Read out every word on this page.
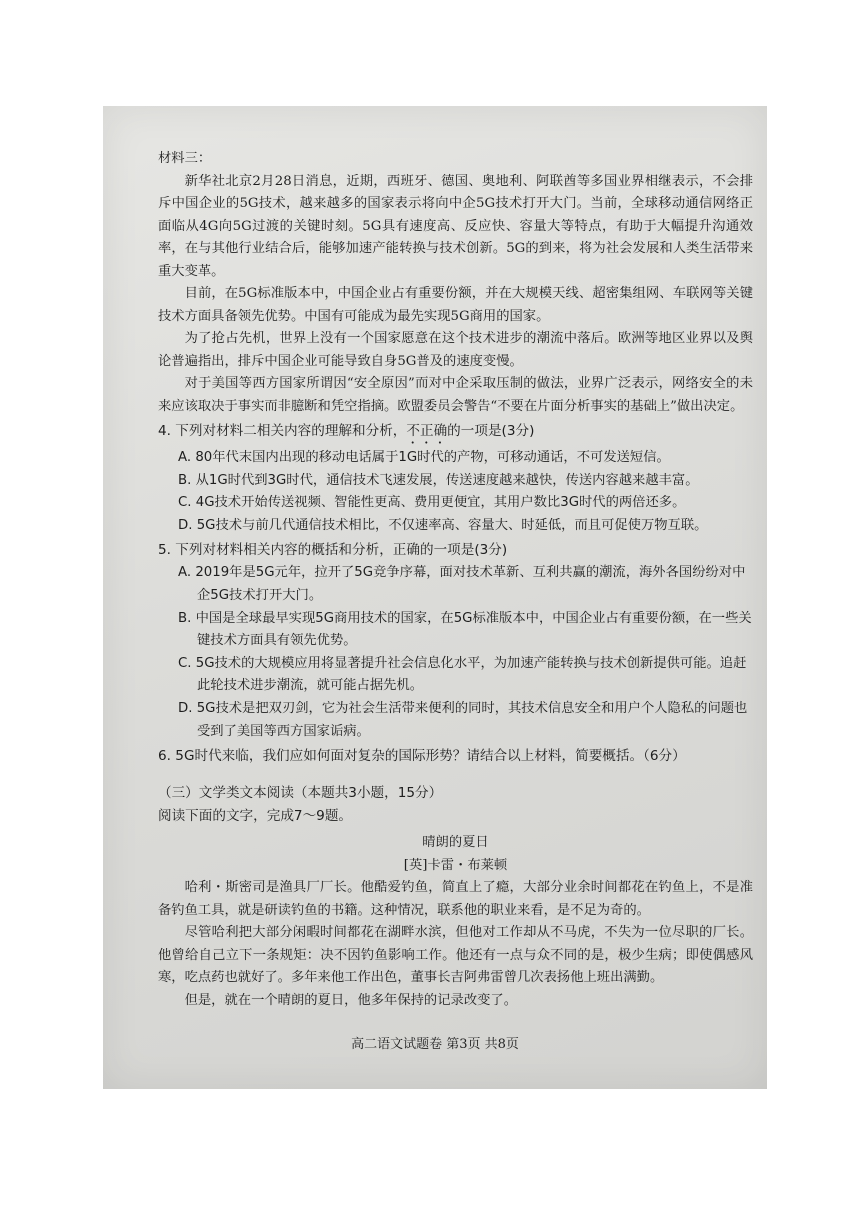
材料三：

新华社北京2月28日消息，近期，西班牙、德国、奥地利、阿联酋等多国业界相继表示，不会排斥中国企业的5G技术，越来越多的国家表示将向中企5G技术打开大门。当前，全球移动通信网络正面临从4G向5G过渡的关键时刻。5G具有速度高、反应快、容量大等特点，有助于大幅提升沟通效率，在与其他行业结合后，能够加速产能转换与技术创新。5G的到来，将为社会发展和人类生活带来重大变革。

目前，在5G标准版本中，中国企业占有重要份额，并在大规模天线、超密集组网、车联网等关键技术方面具备领先优势。中国有可能成为最先实现5G商用的国家。

为了抢占先机，世界上没有一个国家愿意在这个技术进步的潮流中落后。欧洲等地区业界以及舆论普遍指出，排斥中国企业可能导致自身5G普及的速度变慢。

对于美国等西方国家所谓因“安全原因”而对中企采取压制的做法，业界广泛表示，网络安全的未来应该取决于事实而非臆断和凭空指摘。欧盟委员会警告“不要在片面分析事实的基础上”做出决定。

4. 下列对材料二相关内容的理解和分析，不正确的一项是(3分)
A. 80年代末国内出现的移动电话属于1G时代的产物，可移动通话，不可发送短信。
B. 从1G时代到3G时代，通信技术飞速发展，传送速度越来越快，传送内容越来越丰富。
C. 4G技术开始传送视频、智能性更高、费用更便宜，其用户数比3G时代的两倍还多。
D. 5G技术与前几代通信技术相比，不仅速率高、容量大、时延低，而且可促使万物互联。
5. 下列对材料相关内容的概括和分析，正确的一项是(3分)
A. 2019年是5G元年，拉开了5G竞争序幕，面对技术革新、互利共赢的潮流，海外各国纷纷对中企5G技术打开大门。
B. 中国是全球最早实现5G商用技术的国家，在5G标准版本中，中国企业占有重要份额，在一些关键技术方面具有领先优势。
C. 5G技术的大规模应用将显著提升社会信息化水平，为加速产能转换与技术创新提供可能。追赶此轮技术进步潮流，就可能占据先机。
D. 5G技术是把双刃剑，它为社会生活带来便利的同时，其技术信息安全和用户个人隐私的问题也受到了美国等西方国家诟病。
6. 5G时代来临，我们应如何面对复杂的国际形势？请结合以上材料，简要概括。（6分）
（三）文学类文本阅读（本题共3小题，15分）
阅读下面的文字，完成7～9题。

晴朗的夏日

[英]卡雷・布莱顿

哈利・斯密司是渔具厂厂长。他酷爱钓鱼，简直上了瘾，大部分业余时间都花在钓鱼上，不是准备钓鱼工具，就是研读钓鱼的书籍。这种情况，联系他的职业来看，是不足为奇的。

尽管哈利把大部分闲暇时间都花在湖畔水滨，但他对工作却从不马虎，不失为一位尽职的厂长。他曾给自己立下一条规矩：决不因钓鱼影响工作。他还有一点与众不同的是，极少生病；即使偶感风寒，吃点药也就好了。多年来他工作出色，董事长吉阿弗雷曾几次表扬他上班出满勤。

但是，就在一个晴朗的夏日，他多年保持的记录改变了。

高二语文试题卷 第3页 共8页
